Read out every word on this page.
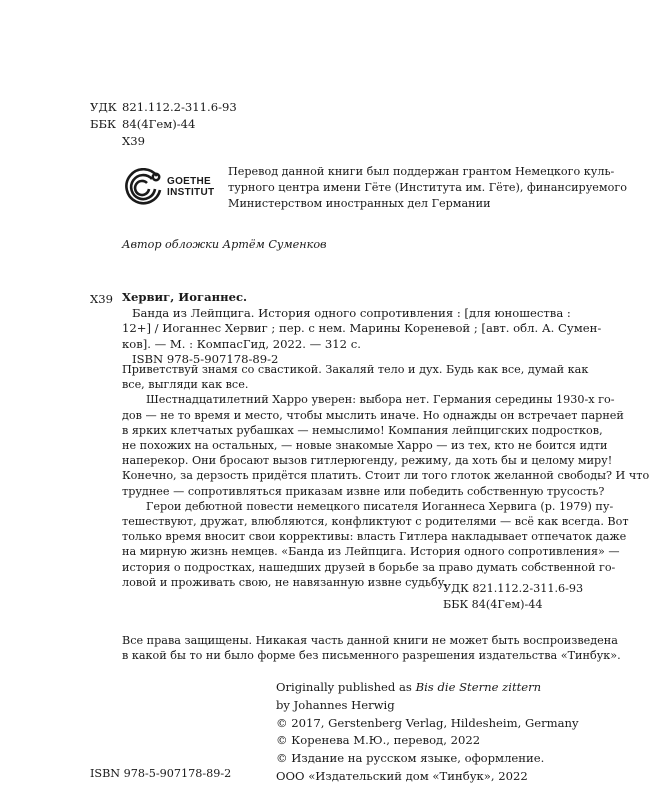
УДК 821.112.2-311.6-93
ББК 84(4Гем)-44
Х39
GOETHE
INSTITUT
Перевод данной книги был поддержан грантом Немецкого куль-
турного центра имени Гёте (Института им. Гёте), финансируемого
Министерством иностранных дел Германии
Автор обложки Артём Суменков
Хервиг, Иоганнес.
Банда из Лейпцига. История одного сопротивления : [для юношества :
12+] / Иоганнес Хервиг ; пер. с нем. Марины Кореневой ; [авт. обл. А. Сумен-
ков]. — М. : КомпасГид, 2022. — 312 с.
ISBN 978-5-907178-89-2
Х39
Приветствуй знамя со свастикой. Закаляй тело и дух. Будь как все, думай как
все, выгляди как все.
Шестнадцатилетний Харро уверен: выбора нет. Германия середины 1930-х го-
дов — не то время и место, чтобы мыслить иначе. Но однажды он встречает парней
в ярких клетчатых рубашках — немыслимо! Компания лейпцигских подростков,
не похожих на остальных, — новые знакомые Харро — из тех, кто не боится идти
наперекор. Они бросают вызов гитлерюгенду, режиму, да хоть бы и целому миру!
Конечно, за дерзость придётся платить. Стоит ли того глоток желанной свободы? И что
труднее — сопротивляться приказам извне или победить собственную трусость?
Герои дебютной повести немецкого писателя Иоганнеса Хервига (р. 1979) пу-
тешествуют, дружат, влюбляются, конфликтуют с родителями — всё как всегда. Вот
только время вносит свои коррективы: власть Гитлера накладывает отпечаток даже
на мирную жизнь немцев. «Банда из Лейпцига. История одного сопротивления» —
история о подростках, нашедших друзей в борьбе за право думать собственной го-
ловой и проживать свою, не навязанную извне судьбу.
УДК 821.112.2-311.6-93
ББК 84(4Гем)-44
Все права защищены. Никакая часть данной книги не может быть воспроизведена
в какой бы то ни было форме без письменного разрешения издательства «Тинбук».
Originally published as Bis die Sterne zittern
by Johannes Herwig
© 2017, Gerstenberg Verlag, Hildesheim, Germany
© Коренева М.Ю., перевод, 2022
© Издание на русском языке, оформление.
ООО «Издательский дом «Тинбук», 2022
ISBN 978-5-907178-89-2
